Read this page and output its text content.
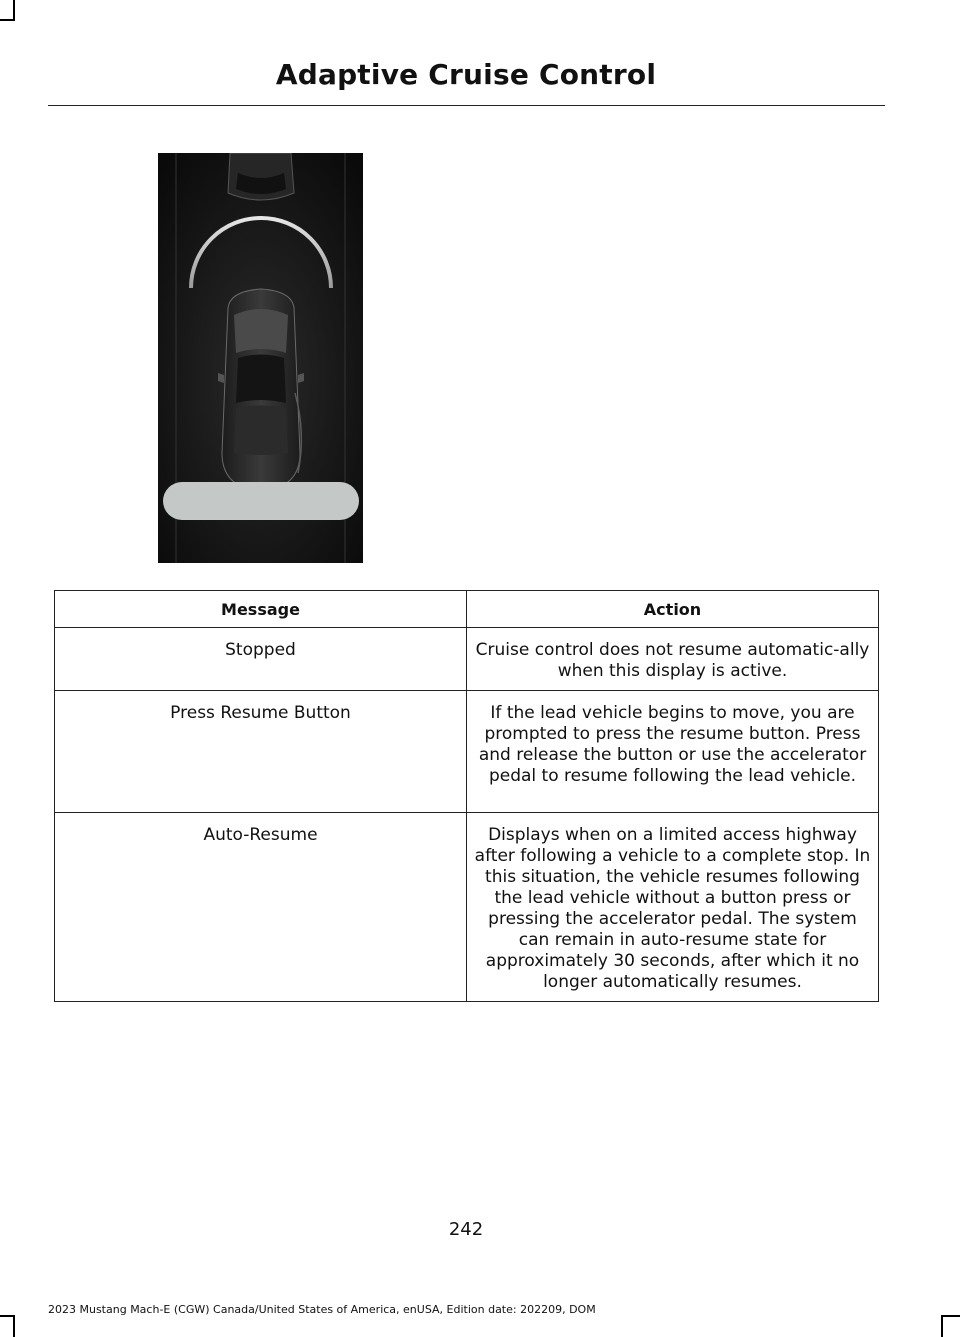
Adaptive Cruise Control
Message	Action
Stopped	Cruise control does not resume automatic-ally when this display is active.
Press Resume Button	If the lead vehicle begins to move, you are prompted to press the resume button. Press and release the button or use the accelerator pedal to resume following the lead vehicle.
Auto-Resume	Displays when on a limited access highway after following a vehicle to a complete stop. In this situation, the vehicle resumes following the lead vehicle without a button press or pressing the accelerator pedal. The system can remain in auto-resume state for approximately 30 seconds, after which it no longer automatically resumes.
242
2023 Mustang Mach-E (CGW) Canada/United States of America, enUSA, Edition date: 202209, DOM
